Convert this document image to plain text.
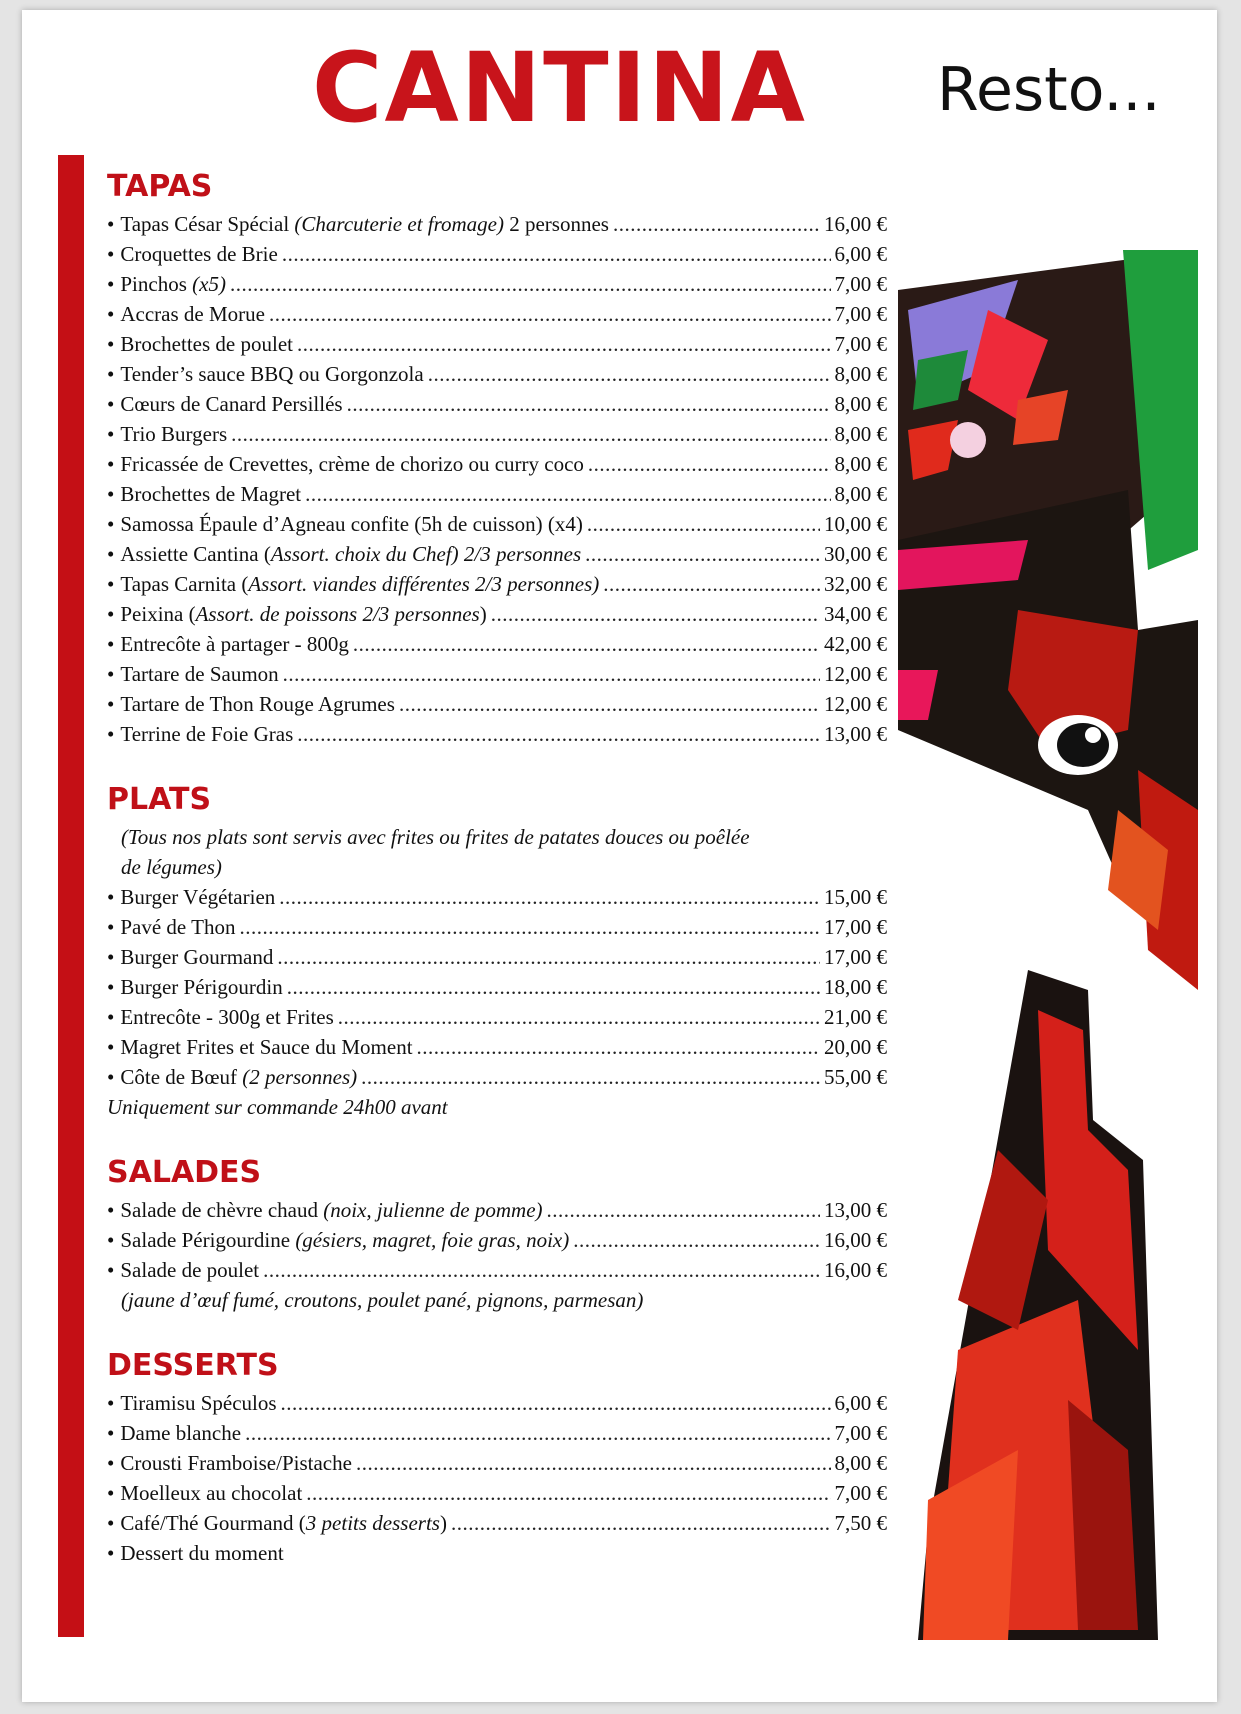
CANTINA Resto...
TAPAS
• Tapas César Spécial (Charcuterie et fromage) 2 personnes .....	16,00 €
• Croquettes de Brie .....	6,00 €
• Pinchos (x5) .....	7,00 €
• Accras de Morue .....	7,00 €
• Brochettes de poulet .....	7,00 €
• Tender’s sauce BBQ ou Gorgonzola .....	8,00 €
• Cœurs de Canard Persillés .....	8,00 €
• Trio Burgers .....	8,00 €
• Fricassée de Crevettes, crème de chorizo ou curry coco .....	8,00 €
• Brochettes de Magret .....	8,00 €
• Samossa Épaule d’Agneau confite (5h de cuisson) (x4) .....	10,00 €
• Assiette Cantina (Assort. choix du Chef) 2/3 personnes .....	30,00 €
• Tapas Carnita (Assort. viandes différentes 2/3 personnes) .....	32,00 €
• Peixina (Assort. de poissons 2/3 personnes) .....	34,00 €
• Entrecôte à partager - 800g .....	42,00 €
• Tartare de Saumon .....	12,00 €
• Tartare de Thon Rouge Agrumes .....	12,00 €
• Terrine de Foie Gras .....	13,00 €
PLATS
(Tous nos plats sont servis avec frites ou frites de patates douces ou poêlée
de légumes)
• Burger Végétarien .....	15,00 €
• Pavé de Thon .....	17,00 €
• Burger Gourmand .....	17,00 €
• Burger Périgourdin .....	18,00 €
• Entrecôte - 300g et Frites .....	21,00 €
• Magret Frites et Sauce du Moment .....	20,00 €
• Côte de Bœuf (2 personnes) .....	55,00 €
Uniquement sur commande 24h00 avant
SALADES
• Salade de chèvre chaud (noix, julienne de pomme) .....	13,00 €
• Salade Périgourdine (gésiers, magret, foie gras, noix) .....	16,00 €
• Salade de poulet .....	16,00 €
(jaune d’œuf fumé, croutons, poulet pané, pignons, parmesan)
DESSERTS
• Tiramisu Spéculos .....	6,00 €
• Dame blanche .....	7,00 €
• Crousti Framboise/Pistache .....	8,00 €
• Moelleux au chocolat .....	7,00 €
• Café/Thé Gourmand (3 petits desserts) .....	7,50 €
• Dessert du moment
